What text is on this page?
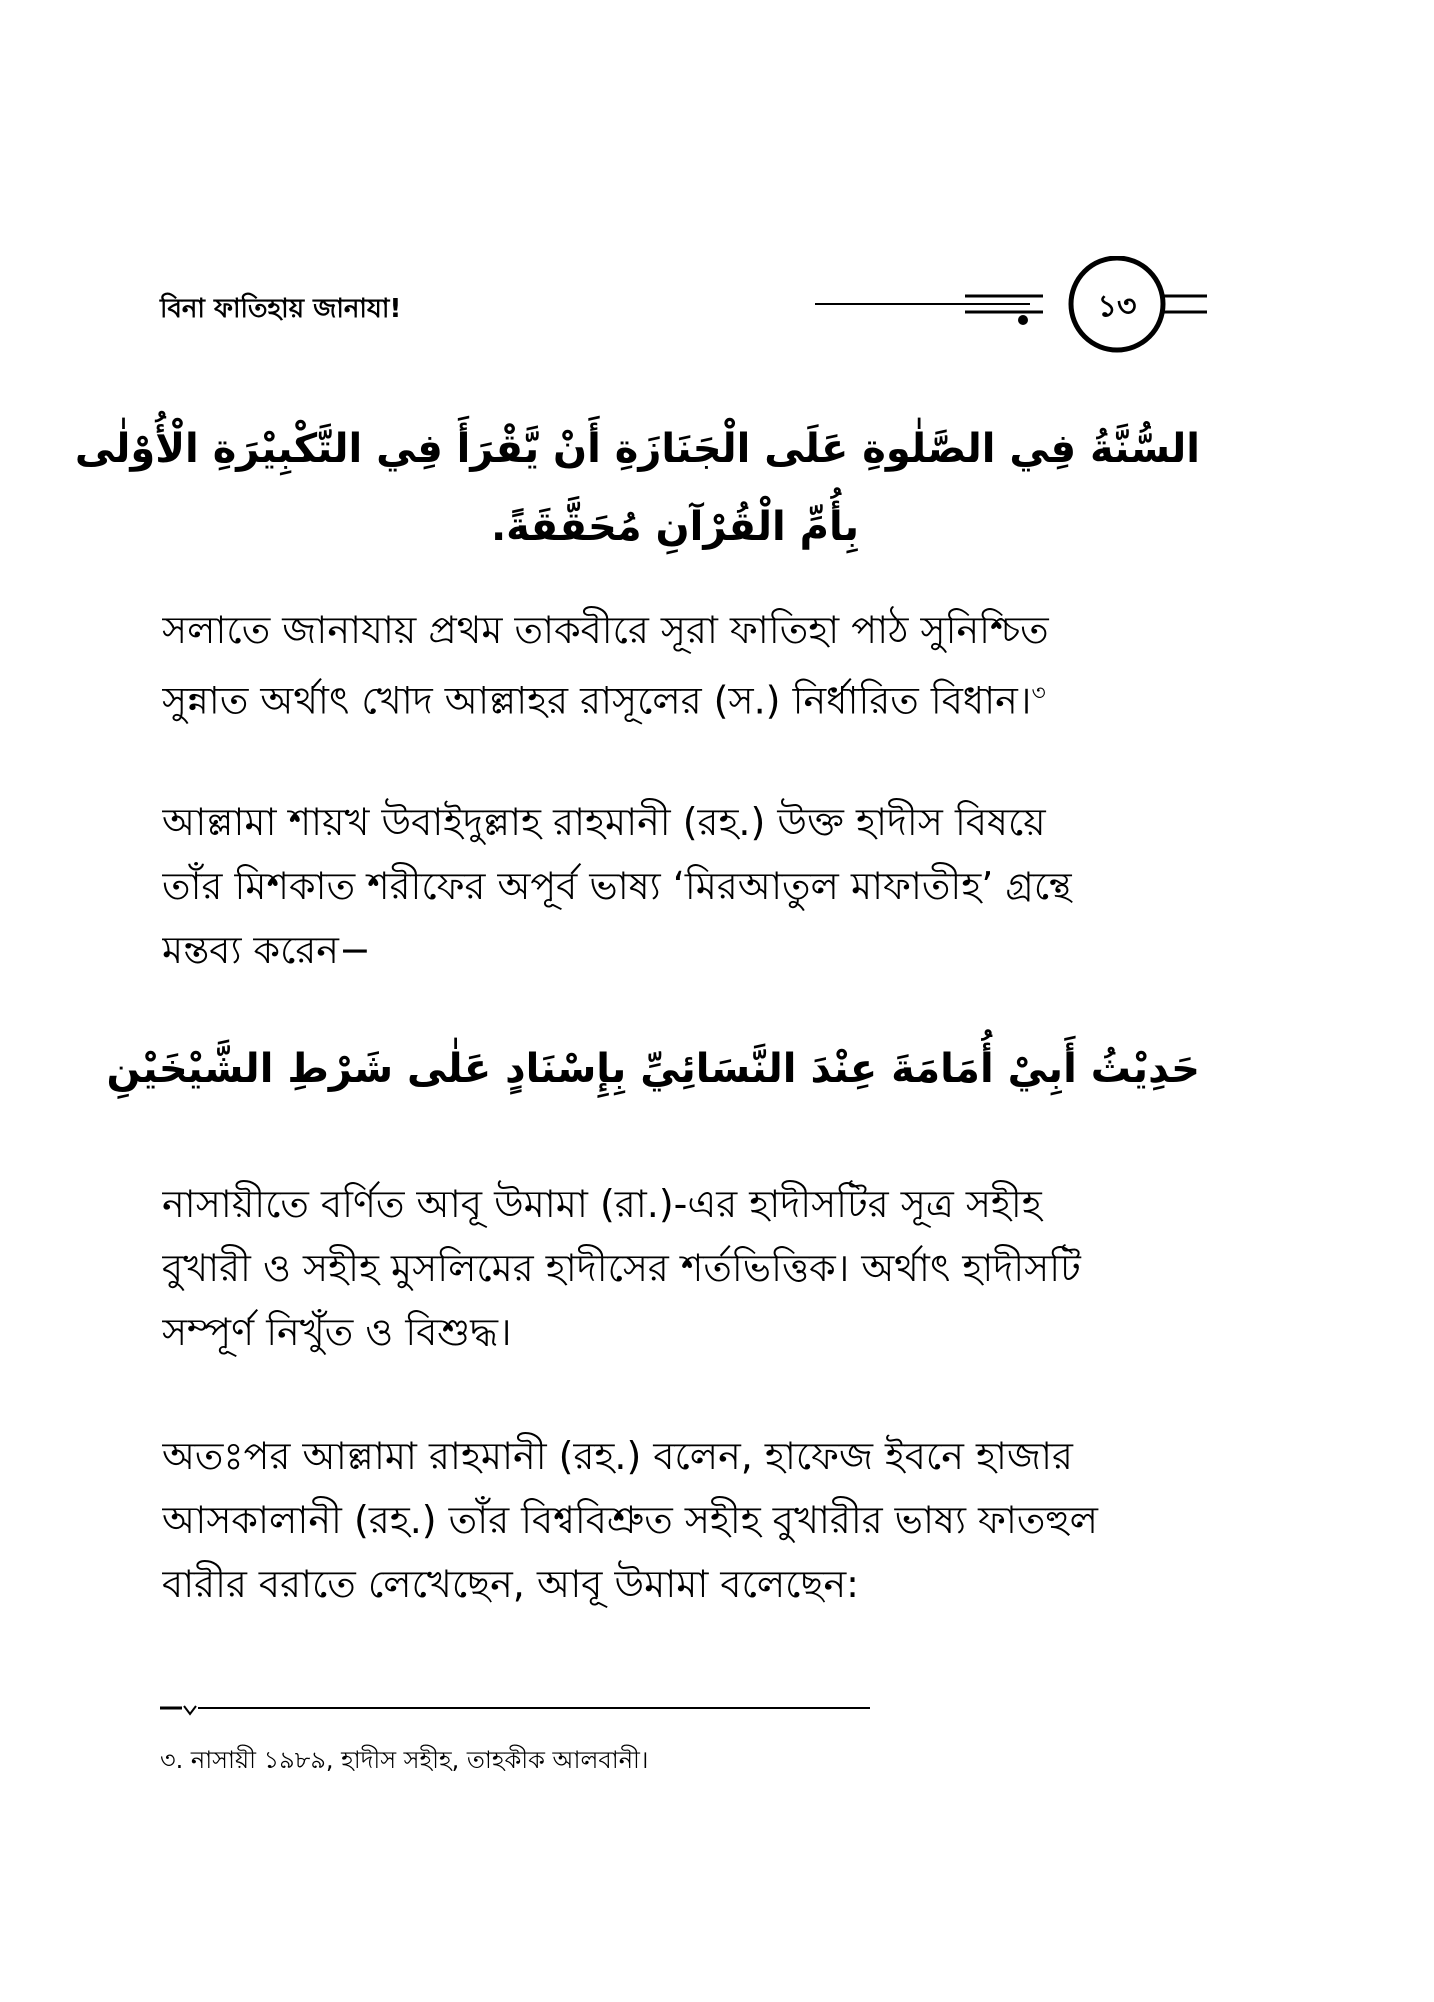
বিনা ফাতিহায় জানাযা!	১৩
السُّنَّةُ فِي الصَّلٰوةِ عَلَى الْجَنَازَةِ أَنْ يَّقْرَأَ فِي التَّكْبِيْرَةِ الْأُوْلٰى
بِأُمِّ الْقُرْآنِ مُحَقَّقَةً.
সলাতে জানাযায় প্রথম তাকবীরে সূরা ফাতিহা পাঠ সুনিশ্চিত
সুন্নাত অর্থাৎ খোদ আল্লাহর রাসূলের (স.) নির্ধারিত বিধান।$^৩$
আল্লামা শায়খ উবাইদুল্লাহ রাহমানী (রহ.) উক্ত হাদীস বিষয়ে
তাঁর মিশকাত শরীফের অপূর্ব ভাষ্য ‘মিরআতুল মাফাতীহ’ গ্রন্থে
মন্তব্য করেন−
حَدِيْثُ أَبِيْ أُمَامَةَ عِنْدَ النَّسَائِيِّ بِإِسْنَادٍ عَلٰى شَرْطِ الشَّيْخَيْنِ
নাসায়ীতে বর্ণিত আবূ উমামা (রা.)-এর হাদীসটির সূত্র সহীহ
বুখারী ও সহীহ মুসলিমের হাদীসের শর্তভিত্তিক। অর্থাৎ হাদীসটি
সম্পূর্ণ নিখুঁত ও বিশুদ্ধ।
অতঃপর আল্লামা রাহমানী (রহ.) বলেন, হাফেজ ইবনে হাজার
আসকালানী (রহ.) তাঁর বিশ্ববিশ্রুত সহীহ বুখারীর ভাষ্য ফাতহুল
বারীর বরাতে লেখেছেন, আবূ উমামা বলেছেন:
৩. নাসায়ী ১৯৮৯, হাদীস সহীহ, তাহকীক আলবানী।
